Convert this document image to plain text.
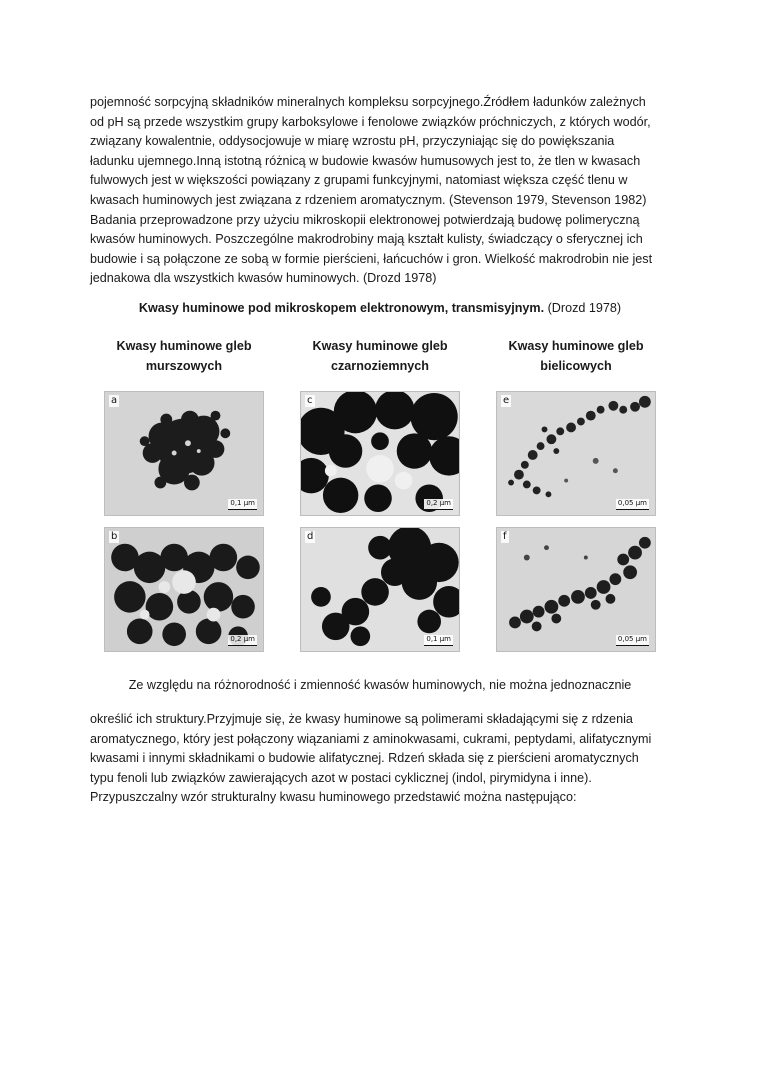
pojemność sorpcyjną składników mineralnych kompleksu sorpcyjnego.Źródłem ładunków zależnych
od pH są przede wszystkim grupy karboksylowe i fenolowe związków próchniczych, z których wodór,
związany kowalentnie, oddysocjowuje w miarę wzrostu pH, przyczyniając się do powiększania
ładunku ujemnego.Inną istotną różnicą w budowie kwasów humusowych jest to, że tlen w kwasach
fulwowych jest w większości powiązany z grupami funkcyjnymi, natomiast większa część tlenu w
kwasach huminowych jest związana z rdzeniem aromatycznym. (Stevenson 1979, Stevenson 1982)
Badania przeprowadzone przy użyciu mikroskopii elektronowej potwierdzają budowę polimeryczną
kwasów huminowych. Poszczególne makrodrobiny mają kształt kulisty, świadczący o sferycznej ich
budowie i są połączone ze sobą w formie pierścieni, łańcuchów i gron. Wielkość makrodrobin nie jest
jednakowa dla wszystkich kwasów huminowych. (Drozd 1978)

Kwasy huminowe pod mikroskopem elektronowym, transmisyjnym. (Drozd 1978)
Kwasy huminowe gleb
murszowych
Kwasy huminowe gleb
czarnoziemnych
Kwasy huminowe gleb
bielicowych
a
0,1 µm
c
0,2 µm
e
0,05 µm
b
0,2 µm
d
0,1 µm
f
0,05 µm
Ze względu na różnorodność i zmienność kwasów huminowych, nie można jednoznacznie

określić ich struktury.Przyjmuje się, że kwasy huminowe są polimerami składającymi się z rdzenia
aromatycznego, który jest połączony wiązaniami z aminokwasami, cukrami, peptydami, alifatycznymi
kwasami i innymi składnikami o budowie alifatycznej. Rdzeń składa się z pierścieni aromatycznych
typu fenoli lub związków zawierających azot w postaci cyklicznej (indol, pirymidyna i inne).
Przypuszczalny wzór strukturalny kwasu huminowego przedstawić można następująco:
